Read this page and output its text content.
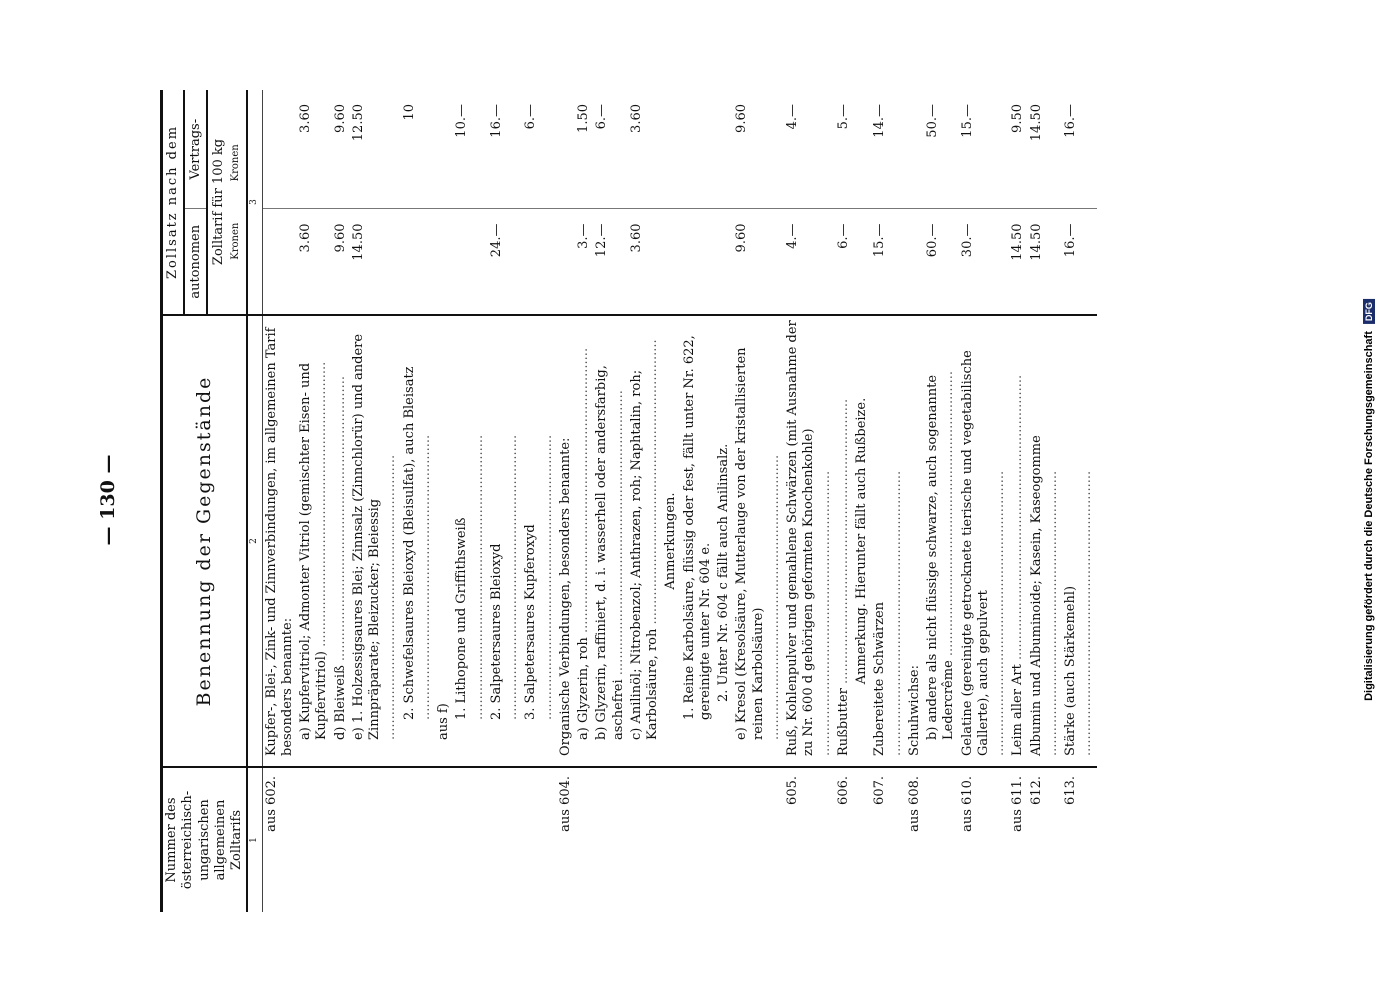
Digitalisierung gefördert durch die Deutsche Forschungsgemeinschaft DFG
— 130 —
Nummer des österreichisch-ungarischen allgemeinen Zolltarifs	Benennung der Gegenstände	Zollsatz nach dem	
		autonomen	Vertrags-
		Zolltarif für 100 kg Kronen          Kronen	
1	2	3	
aus 602.	Kupfer-, Blei-, Zink- und Zinnverbindungen, im allgemeinen Tarif besonders benannte:		
	a) Kupfervitriol; Admonter Vitriol (gemischter Eisen- und Kupfervitriol) .....	3.60	3.60
	d) Bleiweiß .....	9.60	9.60
	e) 1. Holzessigsaures Blei; Zinnsalz (Zinnchlorür) und andere Zinnpräparate; Bleizucker; Bleiessig .....	14.50	12.50
	2. Schwefelsaures Bleioxyd (Bleisulfat), auch Bleisatz .....		10
	aus f)		
	1. Lithopone und Griffithsweiß .....		10.—
	2. Salpetersaures Bleioxyd .....	24.—	16.—
	3. Salpetersaures Kupferoxyd .....		6.—
aus 604.	Organische Verbindungen, besonders benannte:		
	a) Glyzerin, roh .....	3.—	1.50
	b) Glyzerin, raffiniert, d. i. wasserhell oder andersfarbig, aschefrei .....	12.—	6.—
	c) Anilinöl; Nitrobenzol; Anthrazen, roh; Naphtalin, roh; Karbolsäure, roh .....	3.60	3.60
	Anmerkungen.		
	1. Reine Karbolsäure, flüssig oder fest, fällt unter Nr. 622, gereinigte unter Nr. 604 e.		
	2. Unter Nr. 604 c fällt auch Anilinsalz.		
	e) Kresol (Kresolsäure, Mutterlauge von der kristallisierten reinen Karbolsäure) .....	9.60	9.60
605.	Ruß, Kohlenpulver und gemahlene Schwärzen (mit Ausnahme der zu Nr. 600 d gehörigen geformten Knochenkohle) .....	4.—	4.—
606.	Rußbutter .....	6.—	5.—
	Anmerkung. Hierunter fällt auch Rußbeize.		
607.	Zubereitete Schwärzen .....	15.—	14.—
aus 608.	Schuhwichse:		
	b) andere als nicht flüssige schwarze, auch sogenannte Ledercrême .....	60.—	50.—
aus 610.	Gelatine (gereinigte getrocknete tierische und vegetabilische Gallerte), auch gepulvert .....	30.—	15.—
aus 611.	Leim aller Art .....	14.50	9.50
612.	Albumin und Albuminoide; Kasein, Kaseogomme .....	14.50	14.50
613.	Stärke (auch Stärkemehl) .....	16.—	16.—
